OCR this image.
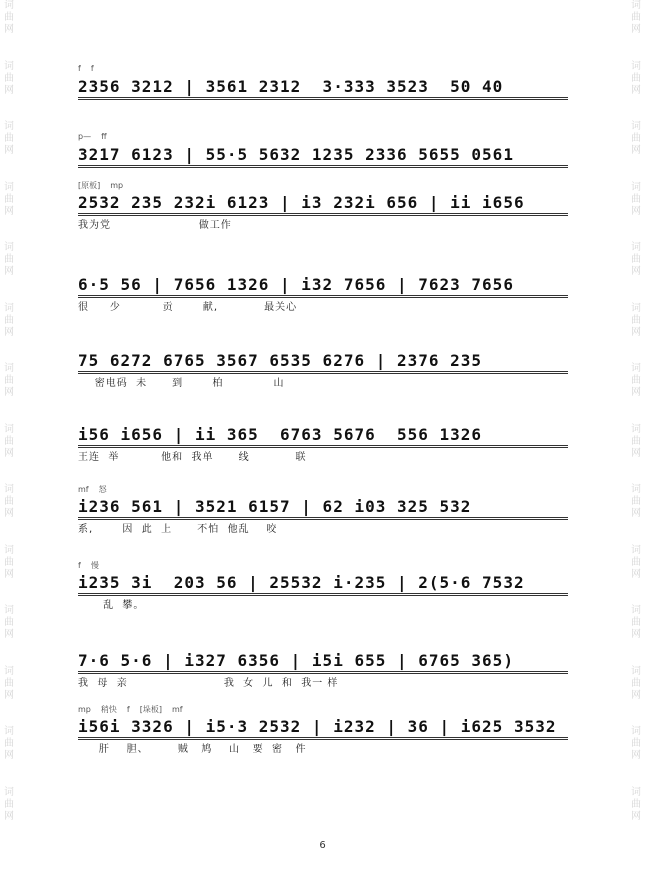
词
曲
网
词
曲
网
词
曲
网
词
曲
网
词
曲
网
词
曲
网
词
曲
网
词
曲
网
词
曲
网
词
曲
网
词
曲
网
词
曲
网
词
曲
网
词
曲
网
词
曲
网
词
曲
网
词
曲
网
词
曲
网
词
曲
网
词
曲
网
词
曲
网
词
曲
网
词
曲
网
词
曲
网
词
曲
网
词
曲
网
词
曲
网
词
曲
网
f f
2356 3212 | 3561 2312  3·333 3523  50 40
p— ff
3217 6123 | 55·5 5632 1235 2336 5655 0561
[原板] mp
2532 235 232i 6123 | i3 232i 656 | ii i656
我为党                     做工作
6·5 56 | 7656 1326 | i32 7656 | 7623 7656
很     少          贡       献,           最关心
75 6272 6765 3567 6535 6276 | 2376 235
密电码  未      到       柏            山
i56 i656 | ii 365  6763 5676  556 1326
王连  举          他和  我单      线           联
mf 怒
i236 561 | 3521 6157 | 62 i03 325 532
系,       因  此  上      不怕  他乱    咬
f 慢
i235 3i  203 56 | 25532 i·235 | 2(5·6 7532
乱  攀。
7·6 5·6 | i327 6356 | i5i 655 | 6765 365)
我  母  亲                       我  女  儿  和  我一 样
mp 稍快 f [垛板] mf
i56i 3326 | i5·3 2532 | i232 | 36 | i625 3532
肝    胆、       贼   鸠    山   要  密   件
6
